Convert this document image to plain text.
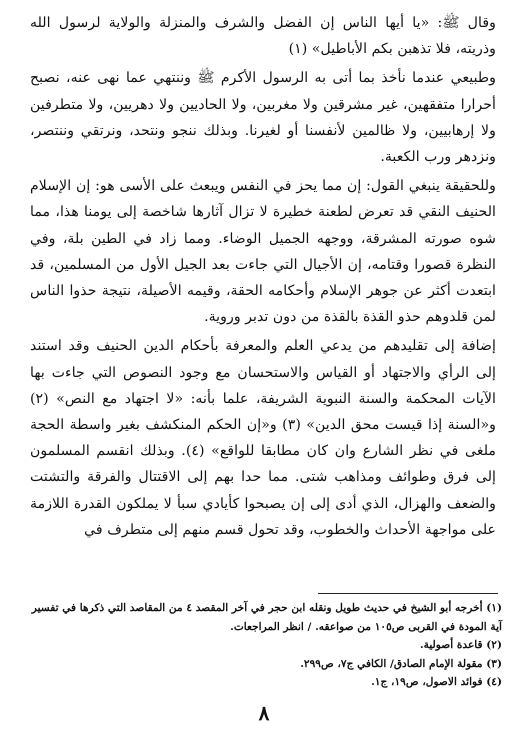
وقال ﷺ: «يا أيها الناس إن الفضل والشرف والمنزلة والولاية لرسول الله وذريته، فلا تذهبن بكم الأباطيل» (١)

وطبيعي عندما نأخذ بما أتى به الرسول الأكرم ﷺ وننتهي عما نهى عنه، نصبح أحرارا متفقهين، غير مشرقين ولا مغربين، ولا الحاديين ولا دهريين، ولا متطرفين ولا إرهابيين، ولا ظالمين لأنفسنا أو لغيرنا. وبذلك ننجو ونتحد، ونرتقي وننتصر، ونزدهر ورب الكعبة.

وللحقيقة ينبغي القول: إن مما يحز في النفس ويبعث على الأسى هو: إن الإسلام الحنيف النقي قد تعرض لطعنة خطيرة لا تزال آثارها شاخصة إلى يومنا هذا، مما شوه صورته المشرقة، ووجهه الجميل الوضاء. ومما زاد في الطين بلة، وفي النظرة قصورا وقتامه، إن الأجيال التي جاءت بعد الجيل الأول من المسلمين، قد ابتعدت أكثر عن جوهر الإسلام وأحكامه الحقة، وقيمه الأصيلة، نتيجة حذوا الناس لمن قلدوهم حذو القذة بالقذة من دون تدبر وروية.

إضافة إلى تقليدهم من يدعي العلم والمعرفة بأحكام الدين الحنيف وقد استند إلى الرأي والاجتهاد أو القياس والاستحسان مع وجود النصوص التي جاءت بها الآيات المحكمة والسنة النبوية الشريفة، علما بأنه: «لا اجتهاد مع النص» (٢) و«السنة إذا قيست محق الدين» (٣) و«إن الحكم المنكشف بغير واسطة الحجة ملغى في نظر الشارع وان كان مطابقا للواقع» (٤). وبذلك انقسم المسلمون إلى فرق وطوائف ومذاهب شتى. مما حدا بهم إلى الاقتتال والفرقة والتشتت والضعف والهزال، الذي أدى إلى إن يصبحوا كأيادي سبأ لا يملكون القدرة اللازمة على مواجهة الأحداث والخطوب، وقد تحول قسم منهم إلى متطرف في

(١) أخرجه أبو الشيخ في حديث طويل ونقله ابن حجر في آخر المقصد ٤ من المقاصد التي ذكرها في تفسير آية المودة في القربى ص١٠٥ من صواعقه. / انظر المراجعات.

(٢) قاعدة أصولية.

(٣) مقولة الإمام الصادق/ الكافي ج٧، ص٢٩٩.

(٤) فوائد الاصول، ص١٩، ج١.

٨
